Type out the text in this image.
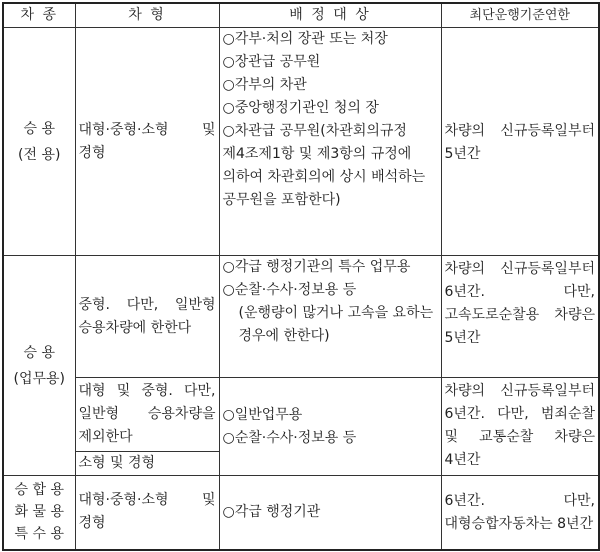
차 종	차 형	배 정 대 상	최단운행기준연한

승 용
(전 용)	대형·중형·소형 및 경형	○각부·처의 장관 또는 처장
○장관급 공무원
○각부의 차관
○중앙행정기관인 청의 장
○차관급 공무원(차관회의규정 제4조제1항 및 제3항의 규정에 의하여 차관회의에 상시 배석하는 공무원을 포함한다)	차량의 신규등록일부터 5년간

승 용
(업무용)	중형. 다만, 일반형 승용차량에 한한다	○각급 행정기관의 특수 업무용
○순찰·수사·정보용 등
(운행량이 많거나 고속을 요하는 경우에 한한다)	차량의 신규등록일부터 6년간. 다만, 고속도로순찰용 차량은 5년간
	대형 및 중형. 다만, 일반형 승용차량을 제외한다	○일반업무용
○순찰·수사·정보용 등	차량의 신규등록일부터 6년간. 다만, 범죄순찰 및 교통순찰 차량은 4년간
	소형 및 경형		

승 합 용
화 물 용
특 수 용	대형·중형·소형 및 경형	○각급 행정기관	6년간. 다만, 대형승합자동차는 8년간
